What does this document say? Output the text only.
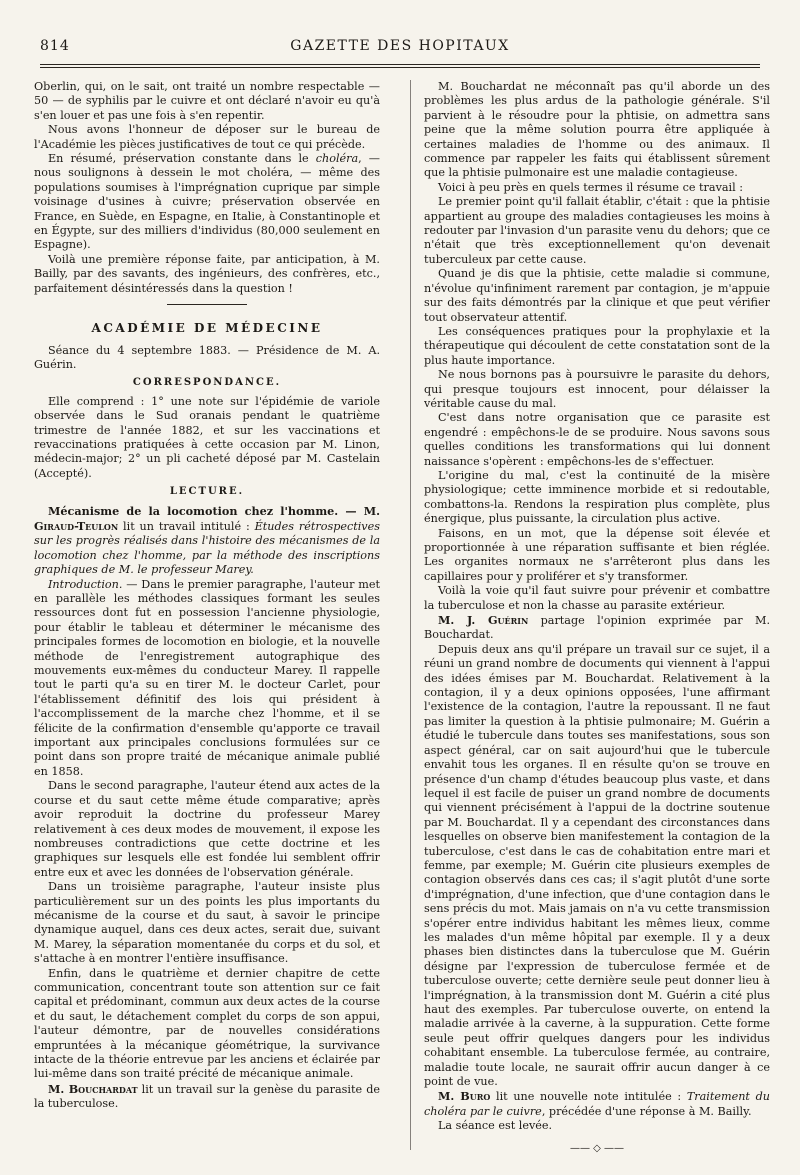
814	GAZETTE DES HOPITAUX

Oberlin, qui, on le sait, ont traité un nombre respectable — 50 — de syphilis par le cuivre et ont déclaré n'avoir eu qu'à s'en louer et pas une fois à s'en repentir.

Nous avons l'honneur de déposer sur le bureau de l'Académie les pièces justificatives de tout ce qui précède.

En résumé, préservation constante dans le choléra, — nous soulignons à dessein le mot choléra, — même des populations soumises à l'imprégnation cuprique par simple voisinage d'usines à cuivre; préservation observée en France, en Suède, en Espagne, en Italie, à Constantinople et en Égypte, sur des milliers d'individus (80,000 seulement en Espagne).

Voilà une première réponse faite, par anticipation, à M. Bailly, par des savants, des ingénieurs, des confrères, etc., parfaitement désintéressés dans la question !

ACADÉMIE DE MÉDECINE

Séance du 4 septembre 1883. — Présidence de M. A. Guérin.

CORRESPONDANCE.

Elle comprend : 1° une note sur l'épidémie de variole observée dans le Sud oranais pendant le quatrième trimestre de l'année 1882, et sur les vaccinations et revaccinations pratiquées à cette occasion par M. Linon, médecin-major; 2° un pli cacheté déposé par M. Castelain (Accepté).

LECTURE.

Mécanisme de la locomotion chez l'homme. — M. Giraud-Teulon lit un travail intitulé : Études rétrospectives sur les progrès réalisés dans l'histoire des mécanismes de la locomotion chez l'homme, par la méthode des inscriptions graphiques de M. le professeur Marey.

Introduction. — Dans le premier paragraphe, l'auteur met en parallèle les méthodes classiques formant les seules ressources dont fut en possession l'ancienne physiologie, pour établir le tableau et déterminer le mécanisme des principales formes de locomotion en biologie, et la nouvelle méthode de l'enregistrement autographique des mouvements eux-mêmes du conducteur Marey. Il rappelle tout le parti qu'a su en tirer M. le docteur Carlet, pour l'établissement définitif des lois qui président à l'accomplissement de la marche chez l'homme, et il se félicite de la confirmation d'ensemble qu'apporte ce travail important aux principales conclusions formulées sur ce point dans son propre traité de mécanique animale publié en 1858.

Dans le second paragraphe, l'auteur étend aux actes de la course et du saut cette même étude comparative; après avoir reproduit la doctrine du professeur Marey relativement à ces deux modes de mouvement, il expose les nombreuses contradictions que cette doctrine et les graphiques sur lesquels elle est fondée lui semblent offrir entre eux et avec les données de l'observation générale.

Dans un troisième paragraphe, l'auteur insiste plus particulièrement sur un des points les plus importants du mécanisme de la course et du saut, à savoir le principe dynamique auquel, dans ces deux actes, serait due, suivant M. Marey, la séparation momentanée du corps et du sol, et s'attache à en montrer l'entière insuffisance.

Enfin, dans le quatrième et dernier chapitre de cette communication, concentrant toute son attention sur ce fait capital et prédominant, commun aux deux actes de la course et du saut, le détachement complet du corps de son appui, l'auteur démontre, par de nouvelles considérations empruntées à la mécanique géométrique, la survivance intacte de la théorie entrevue par les anciens et éclairée par lui-même dans son traité précité de mécanique animale.

M. Bouchardat lit un travail sur la genèse du parasite de la tuberculose.

M. Bouchardat ne méconnaît pas qu'il aborde un des problèmes les plus ardus de la pathologie générale. S'il parvient à le résoudre pour la phtisie, on admettra sans peine que la même solution pourra être appliquée à certaines maladies de l'homme ou des animaux. Il commence par rappeler les faits qui établissent sûrement que la phtisie pulmonaire est une maladie contagieuse.

Voici à peu près en quels termes il résume ce travail :

Le premier point qu'il fallait établir, c'était : que la phtisie appartient au groupe des maladies contagieuses les moins à redouter par l'invasion d'un parasite venu du dehors; que ce n'était que très exceptionnellement qu'on devenait tuberculeux par cette cause.

Quand je dis que la phtisie, cette maladie si commune, n'évolue qu'infiniment rarement par contagion, je m'appuie sur des faits démontrés par la clinique et que peut vérifier tout observateur attentif.

Les conséquences pratiques pour la prophylaxie et la thérapeutique qui découlent de cette constatation sont de la plus haute importance.

Ne nous bornons pas à poursuivre le parasite du dehors, qui presque toujours est innocent, pour délaisser la véritable cause du mal.

C'est dans notre organisation que ce parasite est engendré : empêchons-le de se produire. Nous savons sous quelles conditions les transformations qui lui donnent naissance s'opèrent : empêchons-les de s'effectuer.

L'origine du mal, c'est la continuité de la misère physiologique; cette imminence morbide et si redoutable, combattons-la. Rendons la respiration plus complète, plus énergique, plus puissante, la circulation plus active.

Faisons, en un mot, que la dépense soit élevée et proportionnée à une réparation suffisante et bien réglée. Les organites normaux ne s'arrêteront plus dans les capillaires pour y proliférer et s'y transformer.

Voilà la voie qu'il faut suivre pour prévenir et combattre la tuberculose et non la chasse au parasite extérieur.

M. J. Guérin partage l'opinion exprimée par M. Bouchardat.

Depuis deux ans qu'il prépare un travail sur ce sujet, il a réuni un grand nombre de documents qui viennent à l'appui des idées émises par M. Bouchardat. Relativement à la contagion, il y a deux opinions opposées, l'une affirmant l'existence de la contagion, l'autre la repoussant. Il ne faut pas limiter la question à la phtisie pulmonaire; M. Guérin a étudié le tubercule dans toutes ses manifestations, sous son aspect général, car on sait aujourd'hui que le tubercule envahit tous les organes. Il en résulte qu'on se trouve en présence d'un champ d'études beaucoup plus vaste, et dans lequel il est facile de puiser un grand nombre de documents qui viennent précisément à l'appui de la doctrine soutenue par M. Bouchardat. Il y a cependant des circonstances dans lesquelles on observe bien manifestement la contagion de la tuberculose, c'est dans le cas de cohabitation entre mari et femme, par exemple; M. Guérin cite plusieurs exemples de contagion observés dans ces cas; il s'agit plutôt d'une sorte d'imprégnation, d'une infection, que d'une contagion dans le sens précis du mot. Mais jamais on n'a vu cette transmission s'opérer entre individus habitant les mêmes lieux, comme les malades d'un même hôpital par exemple. Il y a deux phases bien distinctes dans la tuberculose que M. Guérin désigne par l'expression de tuberculose fermée et de tuberculose ouverte; cette dernière seule peut donner lieu à l'imprégnation, à la transmission dont M. Guérin a cité plus haut des exemples. Par tuberculose ouverte, on entend la maladie arrivée à la caverne, à la suppuration. Cette forme seule peut offrir quelques dangers pour les individus cohabitant ensemble. La tuberculose fermée, au contraire, maladie toute locale, ne saurait offrir aucun danger à ce point de vue.

M. Buro lit une nouvelle note intitulée : Traitement du choléra par le cuivre, précédée d'une réponse à M. Bailly.

La séance est levée.

—— ◇ ——
